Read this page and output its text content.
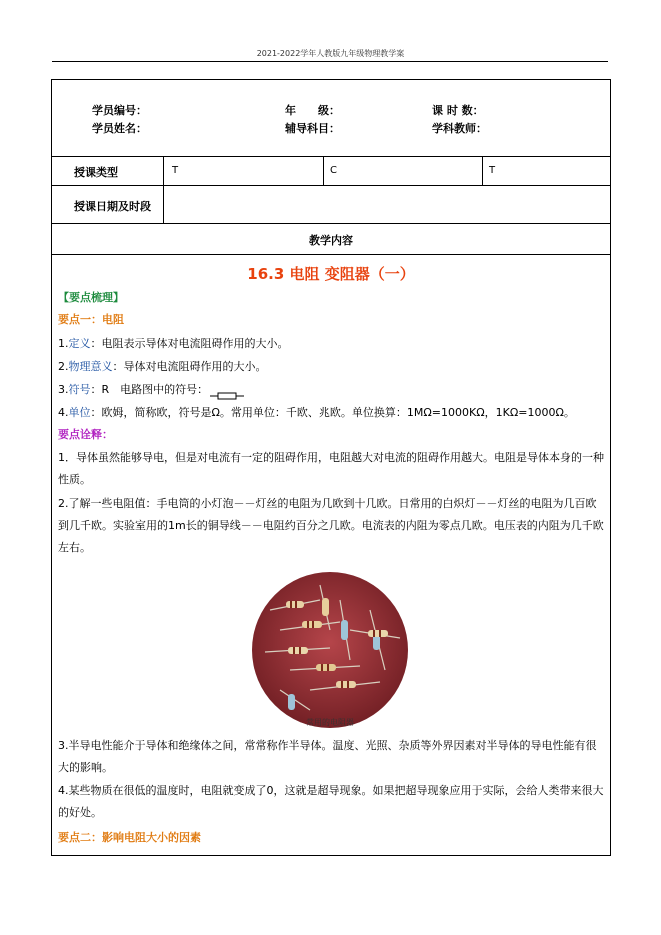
2021-2022学年人教版九年级物理教学案
学员编号：	年　　级：	课 时 数：
学员姓名：	辅导科目：	学科教师：
授课类型	T	C	T
授课日期及时段
教学内容
16.3 电阻 变阻器（一）
【要点梳理】
要点一：电阻
1.定义：电阻表示导体对电流阻碍作用的大小。
2.物理意义：导体对电流阻碍作用的大小。
3.符号：R　电路图中的符号：
4.单位：欧姆，简称欧，符号是Ω。常用单位：千欧、兆欧。单位换算：1MΩ=1000KΩ，1KΩ=1000Ω。
要点诠释：
1．导体虽然能够导电，但是对电流有一定的阻碍作用，电阻越大对电流的阻碍作用越大。电阻是导体本身的一种性质。
2.了解一些电阻值：手电筒的小灯泡－－灯丝的电阻为几欧到十几欧。日常用的白炽灯－－灯丝的电阻为几百欧到几千欧。实验室用的1m长的铜导线－－电阻约百分之几欧。电流表的内阻为零点几欧。电压表的内阻为几千欧左右。
常用的电阻器
3.半导电性能介于导体和绝缘体之间，常常称作半导体。温度、光照、杂质等外界因素对半导体的导电性能有很大的影响。
4.某些物质在很低的温度时，电阻就变成了0，这就是超导现象。如果把超导现象应用于实际，会给人类带来很大的好处。
要点二：影响电阻大小的因素
